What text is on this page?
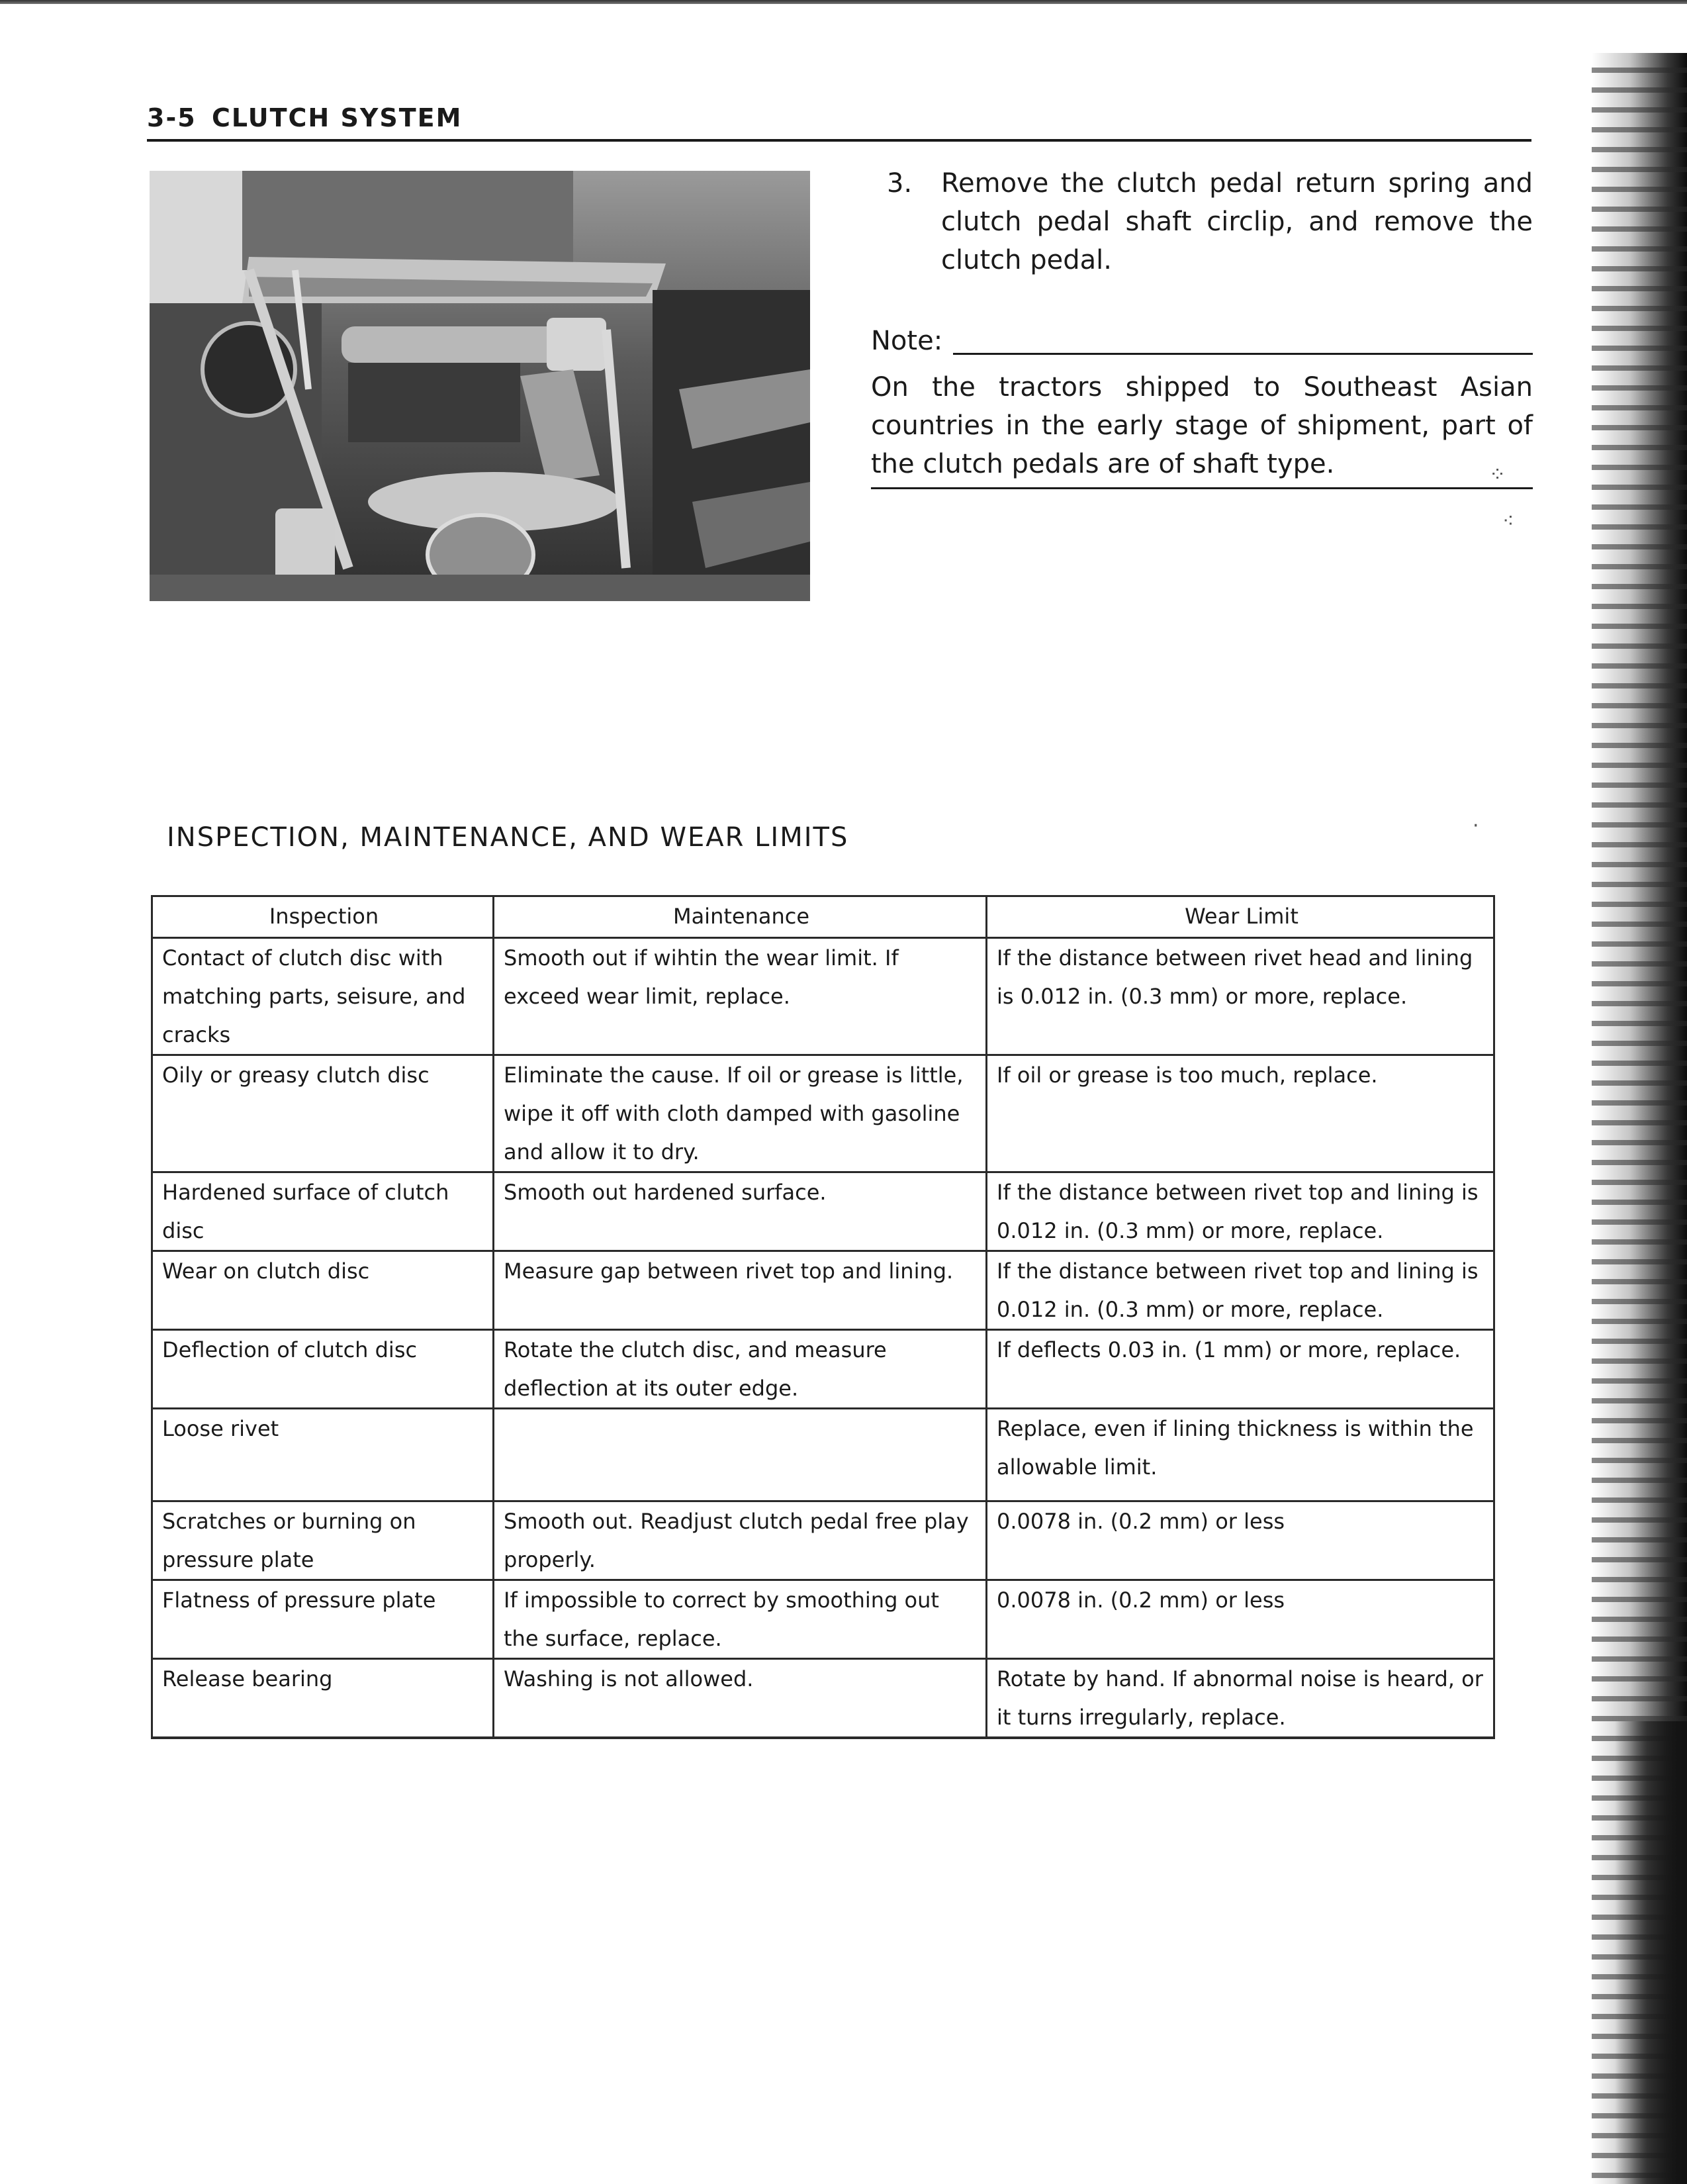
3-5 CLUTCH SYSTEM
3. Remove the clutch pedal return spring and clutch pedal shaft circlip, and remove the clutch pedal.
Note:
On the tractors shipped to Southeast Asian countries in the early stage of shipment, part of the clutch pedals are of shaft type.	⁘
⁖
·
INSPECTION, MAINTENANCE, AND WEAR LIMITS
Inspection	Maintenance	Wear Limit
Contact of clutch disc with matching parts, seisure, and cracks	Smooth out if wihtin the wear limit. If exceed wear limit, replace.	If the distance between rivet head and lining is 0.012 in. (0.3 mm) or more, replace.
Oily or greasy clutch disc	Eliminate the cause. If oil or grease is little, wipe it off with cloth damped with gasoline and allow it to dry.	If oil or grease is too much, replace.
Hardened surface of clutch disc	Smooth out hardened surface.	If the distance between rivet top and lining is 0.012 in. (0.3 mm) or more, replace.
Wear on clutch disc	Measure gap between rivet top and lining.	If the distance between rivet top and lining is 0.012 in. (0.3 mm) or more, replace.
Deflection of clutch disc	Rotate the clutch disc, and measure deflection at its outer edge.	If deflects 0.03 in. (1 mm) or more, replace.
Loose rivet		Replace, even if lining thickness is within the allowable limit.
Scratches or burning on pressure plate	Smooth out. Readjust clutch pedal free play properly.	0.0078 in. (0.2 mm) or less
Flatness of pressure plate	If impossible to correct by smoothing out the surface, replace.	0.0078 in. (0.2 mm) or less
Release bearing	Washing is not allowed.	Rotate by hand. If abnormal noise is heard, or it turns irregularly, replace.
